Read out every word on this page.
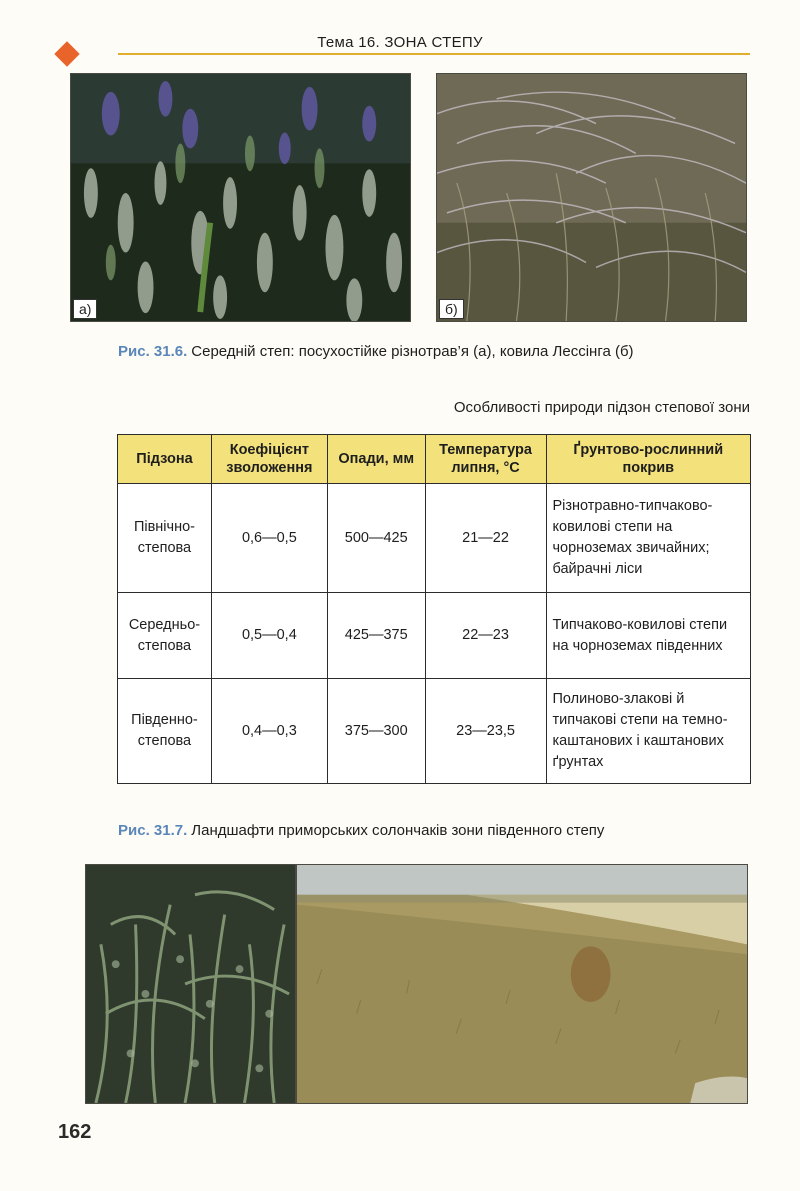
Тема 16. ЗОНА СТЕПУ
а)	б)
Рис. 31.6. Середній степ: посухостійке різнотрав’я (а), ковила Лессінга (б)
Особливості природи підзон степової зони
Підзона	Коефіцієнт зволоження	Опади, мм	Температура липня, °С	Ґрунтово-рослинний покрив
Північно-степова	0,6—0,5	500—425	21—22	Різнотравно-типчаково-ковилові степи на чорноземах звичайних; байрачні ліси
Середньо-степова	0,5—0,4	425—375	22—23	Типчаково-ковилові степи на чорноземах південних
Південно-степова	0,4—0,3	375—300	23—23,5	Полиново-злакові й типчакові степи на темно-каштанових і каштанових ґрунтах
Рис. 31.7. Ландшафти приморських солончаків зони південного степу
162
